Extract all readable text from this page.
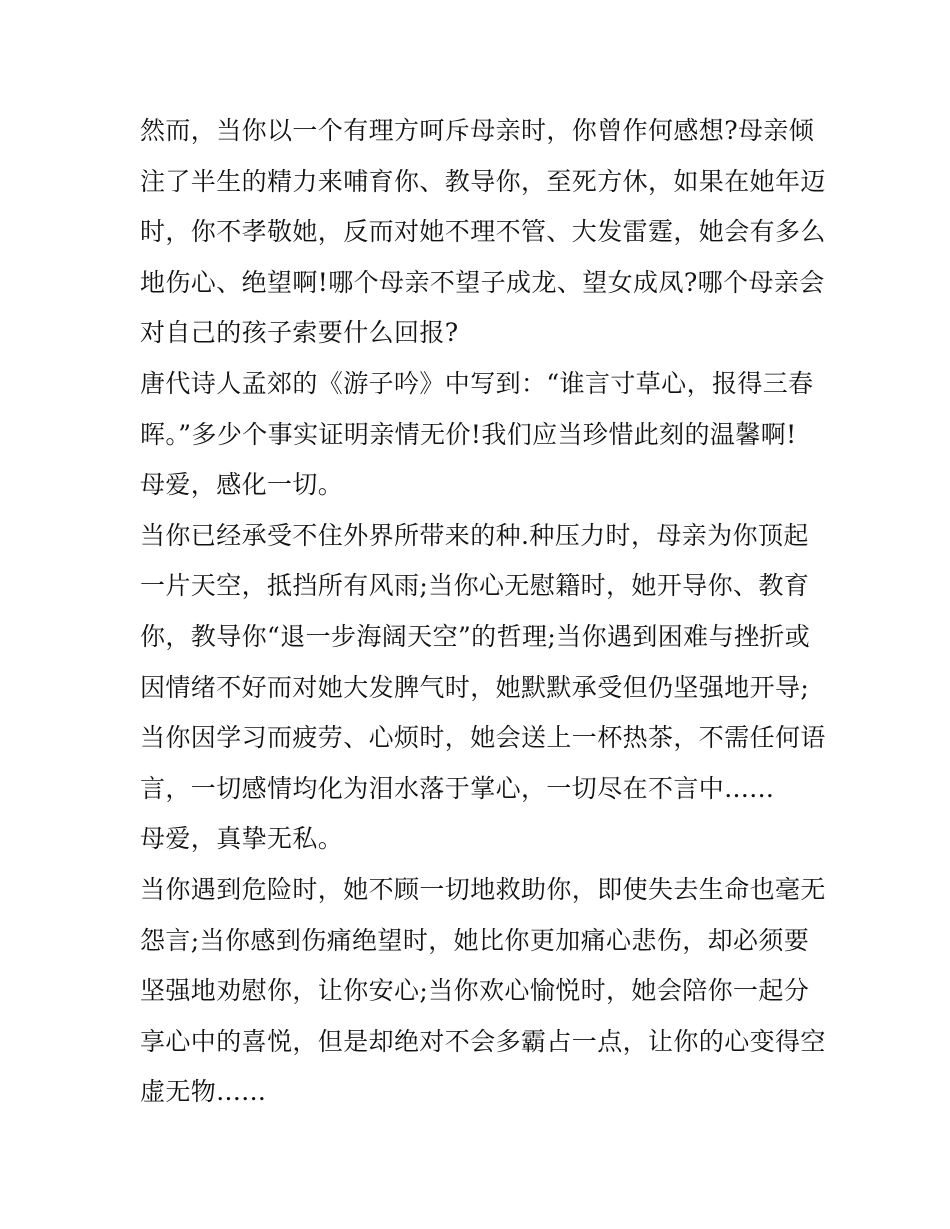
然而，当你以一个有理方呵斥母亲时，你曾作何感想?母亲倾
注了半生的精力来哺育你、教导你，至死方休，如果在她年迈
时，你不孝敬她，反而对她不理不管、大发雷霆，她会有多么
地伤心、绝望啊!哪个母亲不望子成龙、望女成凤?哪个母亲会
对自己的孩子索要什么回报?
唐代诗人孟郊的《游子吟》中写到：“谁言寸草心，报得三春
晖。”多少个事实证明亲情无价!我们应当珍惜此刻的温馨啊!
母爱，感化一切。
当你已经承受不住外界所带来的种.种压力时，母亲为你顶起
一片天空，抵挡所有风雨;当你心无慰籍时，她开导你、教育
你，教导你“退一步海阔天空”的哲理;当你遇到困难与挫折或
因情绪不好而对她大发脾气时，她默默承受但仍坚强地开导;
当你因学习而疲劳、心烦时，她会送上一杯热茶，不需任何语
言，一切感情均化为泪水落于掌心，一切尽在不言中......
母爱，真挚无私。
当你遇到危险时，她不顾一切地救助你，即使失去生命也毫无
怨言;当你感到伤痛绝望时，她比你更加痛心悲伤，却必须要
坚强地劝慰你，让你安心;当你欢心愉悦时，她会陪你一起分
享心中的喜悦，但是却绝对不会多霸占一点，让你的心变得空
虚无物......
